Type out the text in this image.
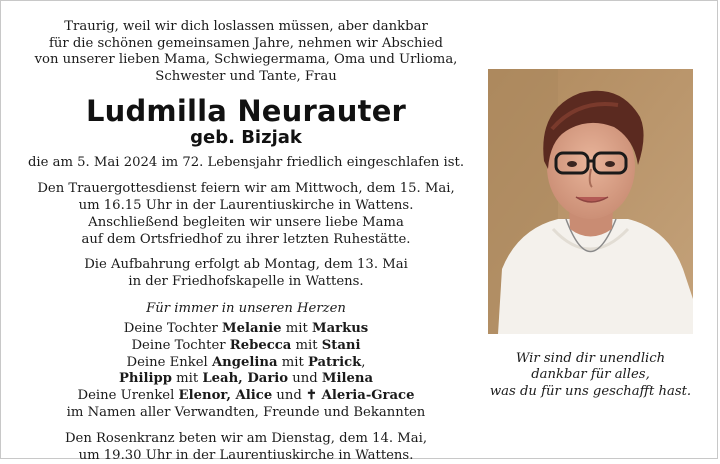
Traurig, weil wir dich loslassen müssen, aber dankbar

für die schönen gemeinsamen Jahre, nehmen wir Abschied

von unserer lieben Mama, Schwiegermama, Oma und Urlioma,

Schwester und Tante, Frau

Ludmilla Neurauter
geb. Bizjak

die am 5. Mai 2024 im 72. Lebensjahr friedlich eingeschlafen ist.

Den Trauergottesdienst feiern wir am Mittwoch, dem 15. Mai,

um 16.15 Uhr in der Laurentiuskirche in Wattens.

Anschließend begleiten wir unsere liebe Mama

auf dem Ortsfriedhof zu ihrer letzten Ruhestätte.

Die Aufbahrung erfolgt ab Montag, dem 13. Mai

in der Friedhofskapelle in Wattens.

Für immer in unseren Herzen

Deine Tochter Melanie mit Markus

Deine Tochter Rebecca mit Stani

Deine Enkel Angelina mit Patrick,

Philipp mit Leah, Dario und Milena

Deine Urenkel Elenor, Alice und ✝ Aleria-Grace

im Namen aller Verwandten, Freunde und Bekannten

Den Rosenkranz beten wir am Dienstag, dem 14. Mai,

um 19.30 Uhr in der Laurentiuskirche in Wattens.

Wir sind dir unendlich

dankbar für alles,

was du für uns geschafft hast.
